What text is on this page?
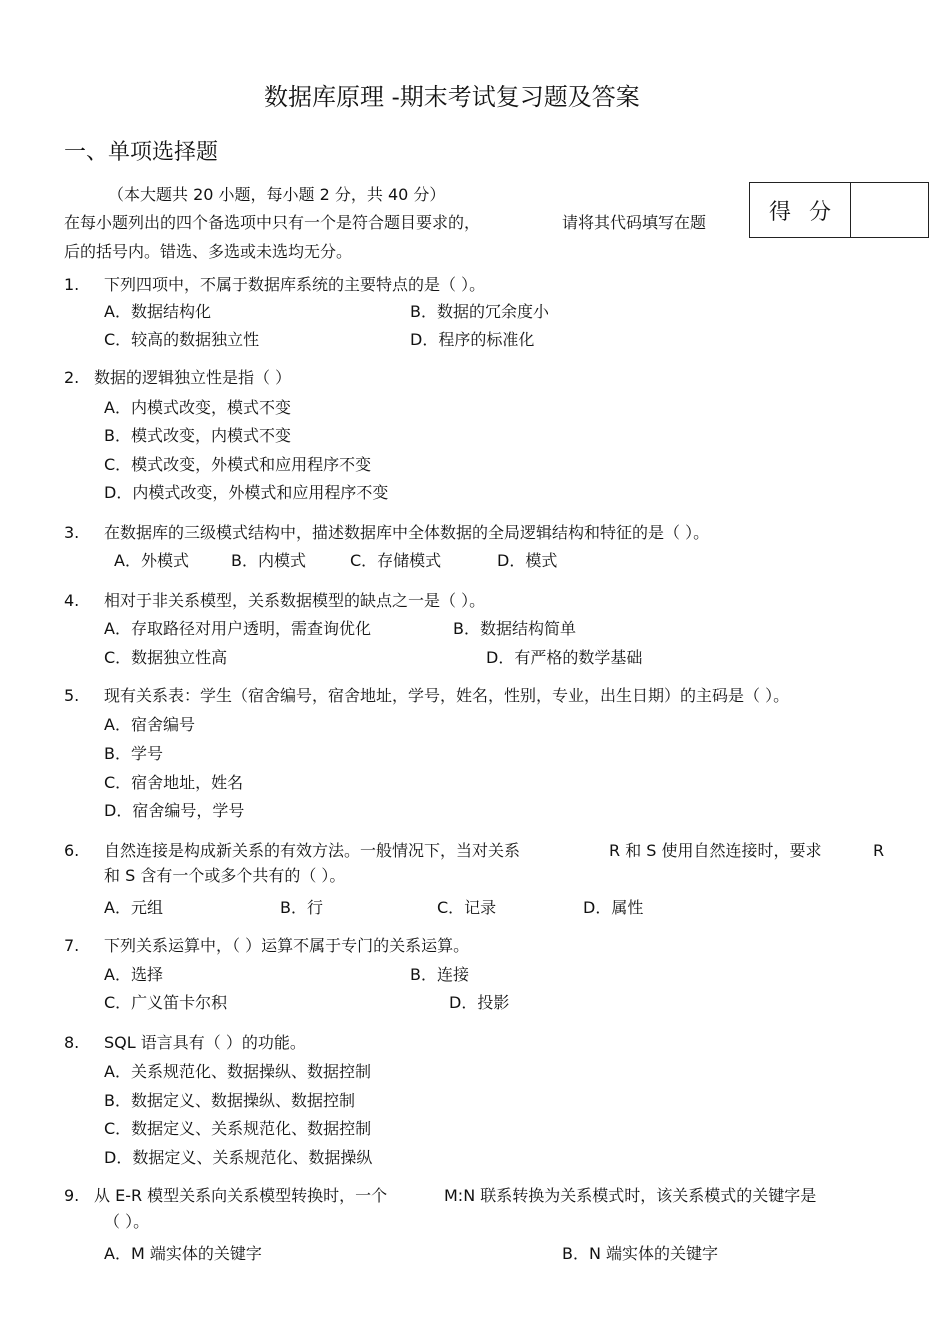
数据库原理 -期末考试复习题及答案
一、单项选择题
（本大题共 20 小题，每小题 2 分，共 40 分）
在每小题列出的四个备选项中只有一个是符合题目要求的，	请将其代码填写在题
后的括号内。错选、多选或未选均无分。
得分
1. 下列四项中，不属于数据库系统的主要特点的是（ ）。
A．数据结构化	B．数据的冗余度小
C．较高的数据独立性	D．程序的标准化
2. 数据的逻辑独立性是指（ ）
A．内模式改变，模式不变
B．模式改变，内模式不变
C．模式改变，外模式和应用程序不变
D．内模式改变，外模式和应用程序不变
3. 在数据库的三级模式结构中，描述数据库中全体数据的全局逻辑结构和特征的是（ ）。
A．外模式	B．内模式	C．存储模式	D．模式
4. 相对于非关系模型，关系数据模型的缺点之一是（ ）。
A．存取路径对用户透明，需查询优化	B．数据结构简单
C．数据独立性高	D．有严格的数学基础
5. 现有关系表：学生（宿舍编号，宿舍地址，学号，姓名，性别，专业，出生日期）的主码是（ ）。
A．宿舍编号
B．学号
C．宿舍地址，姓名
D．宿舍编号，学号
6. 自然连接是构成新关系的有效方法。一般情况下，当对关系	R 和 S 使用自然连接时，要求	R
和 S 含有一个或多个共有的（ ）。
A．元组	B．行	C．记录	D．属性
7. 下列关系运算中，（ ）运算不属于专门的关系运算。
A．选择	B．连接
C．广义笛卡尔积	D．投影
8. SQL 语言具有（ ）的功能。
A．关系规范化、数据操纵、数据控制
B．数据定义、数据操纵、数据控制
C．数据定义、关系规范化、数据控制
D．数据定义、关系规范化、数据操纵
9. 从 E-R 模型关系向关系模型转换时，一个	M:N 联系转换为关系模式时，该关系模式的关键字是
（ ）。
A．M 端实体的关键字	B．N 端实体的关键字
